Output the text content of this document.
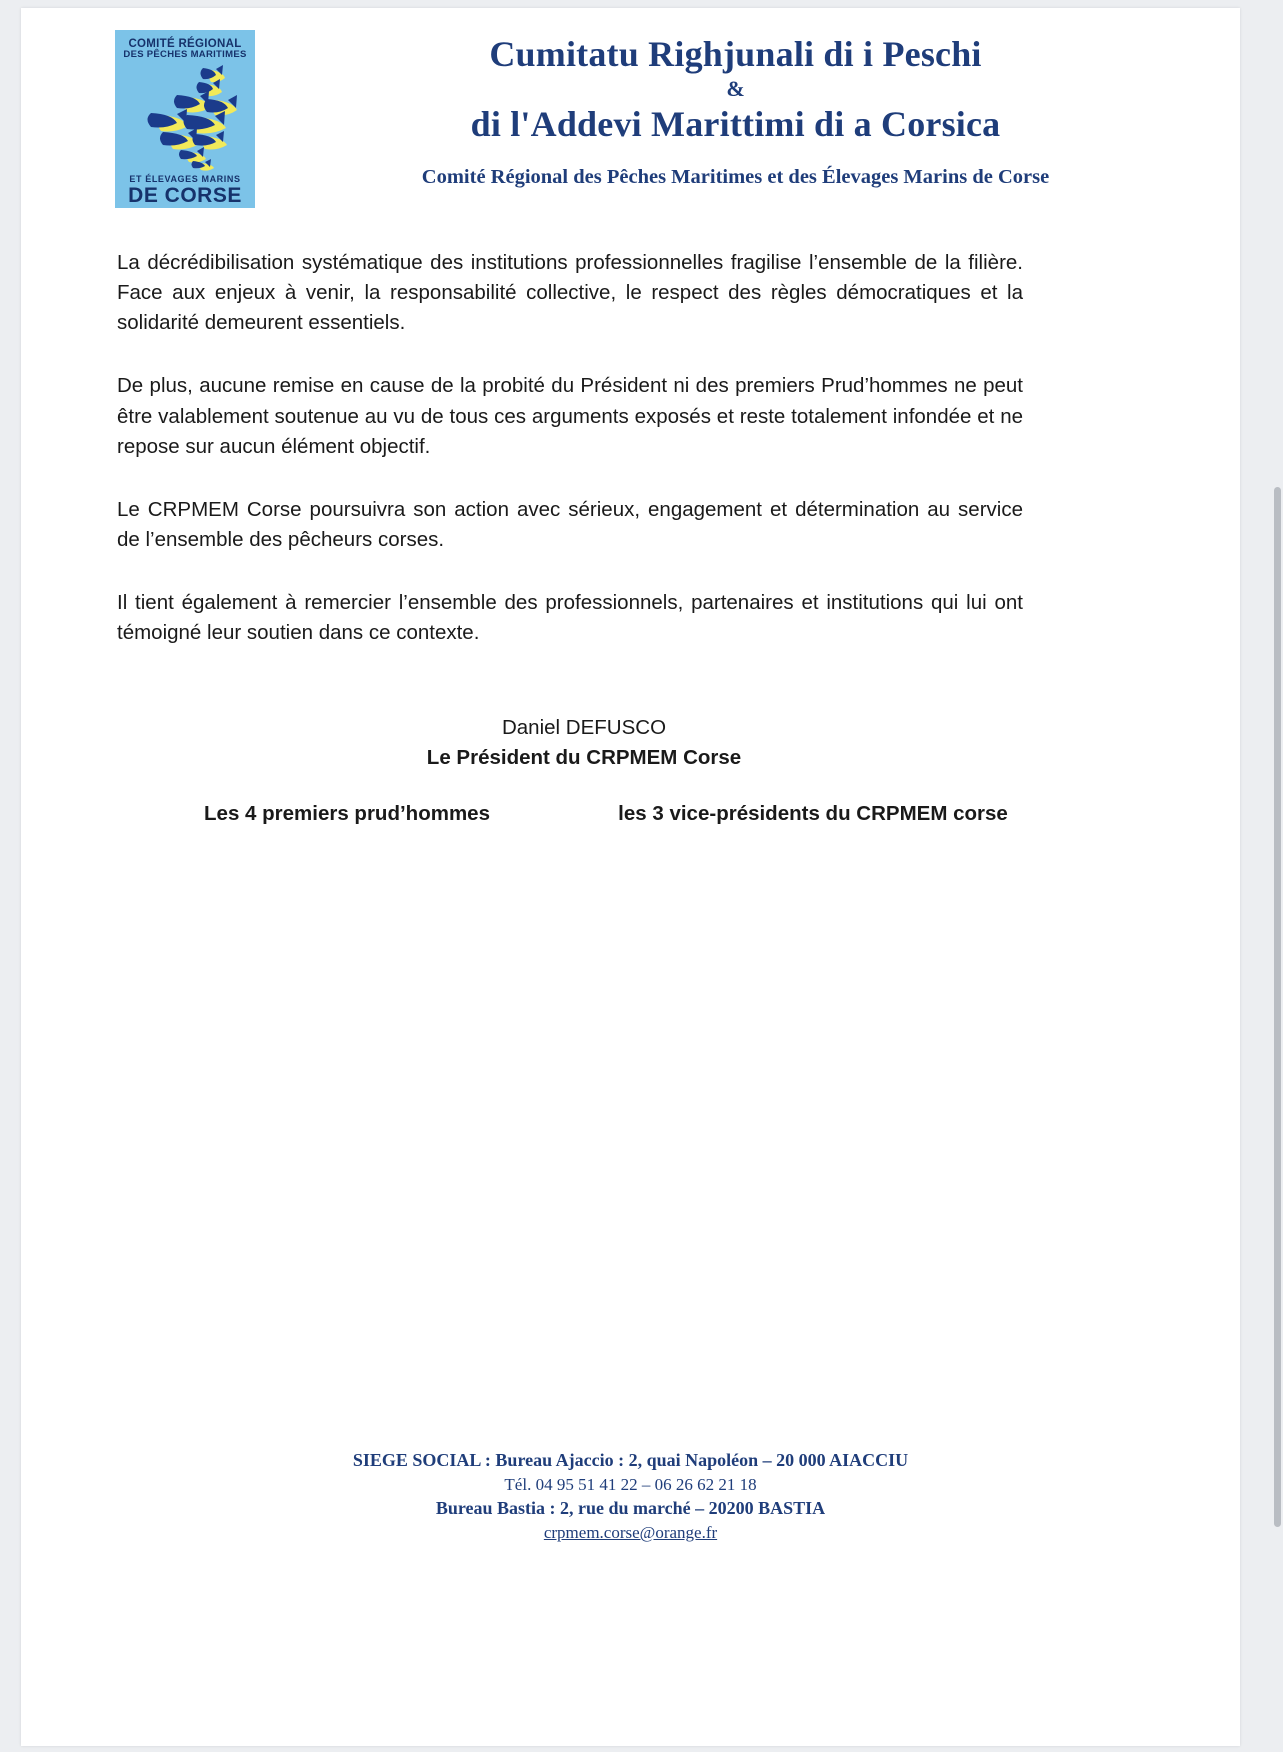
COMITÉ RÉGIONAL
DES PÊCHES MARITIMES
ET ÉLEVAGES MARINS
DE CORSE
Cumitatu Righjunali di i Peschi
&
di l'Addevi Marittimi di a Corsica
Comité Régional des Pêches Maritimes et des Élevages Marins de Corse

La décrédibilisation systématique des institutions professionnelles fragilise l’ensemble de la filière. Face aux enjeux à venir, la responsabilité collective, le respect des règles démocratiques et la solidarité demeurent essentiels.

De plus, aucune remise en cause de la probité du Président ni des premiers Prud’hommes ne peut être valablement soutenue au vu de tous ces arguments exposés et reste totalement infondée et ne repose sur aucun élément objectif.

Le CRPMEM Corse poursuivra son action avec sérieux, engagement et détermination au service de l’ensemble des pêcheurs corses.

Il tient également à remercier l’ensemble des professionnels, partenaires et institutions qui lui ont témoigné leur soutien dans ce contexte.

Daniel DEFUSCO
Le Président du CRPMEM Corse
Les 4 premiers prud’hommes	les 3 vice-présidents du CRPMEM corse
SIEGE SOCIAL : Bureau Ajaccio : 2, quai Napoléon – 20 000 AIACCIU
Tél. 04 95 51 41 22 – 06 26 62 21 18
Bureau Bastia : 2, rue du marché – 20200 BASTIA
crpmem.corse@orange.fr
